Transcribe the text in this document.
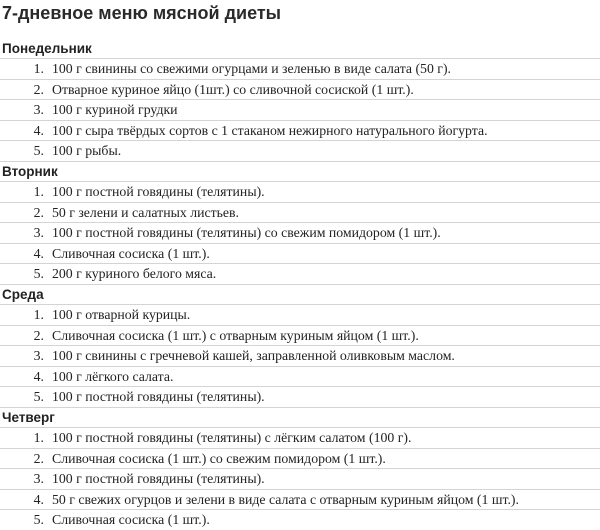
7-дневное меню мясной диеты
Понедельник
1. 100 г свинины со свежими огурцами и зеленью в виде салата (50 г).
2. Отварное куриное яйцо (1шт.) со сливочной сосиской (1 шт.).
3. 100 г куриной грудки
4. 100 г сыра твёрдых сортов с 1 стаканом нежирного натурального йогурта.
5. 100 г рыбы.
Вторник
1. 100 г постной говядины (телятины).
2. 50 г зелени и салатных листьев.
3. 100 г постной говядины (телятины) со свежим помидором (1 шт.).
4. Сливочная сосиска (1 шт.).
5. 200 г куриного белого мяса.
Среда
1. 100 г отварной курицы.
2. Сливочная сосиска (1 шт.) с отварным куриным яйцом (1 шт.).
3. 100 г свинины с гречневой кашей, заправленной оливковым маслом.
4. 100 г лёгкого салата.
5. 100 г постной говядины (телятины).
Четверг
1. 100 г постной говядины (телятины) с лёгким салатом (100 г).
2. Сливочная сосиска (1 шт.) со свежим помидором (1 шт.).
3. 100 г постной говядины (телятины).
4. 50 г свежих огурцов и зелени в виде салата с отварным куриным яйцом (1 шт.).
5. Сливочная сосиска (1 шт.).
